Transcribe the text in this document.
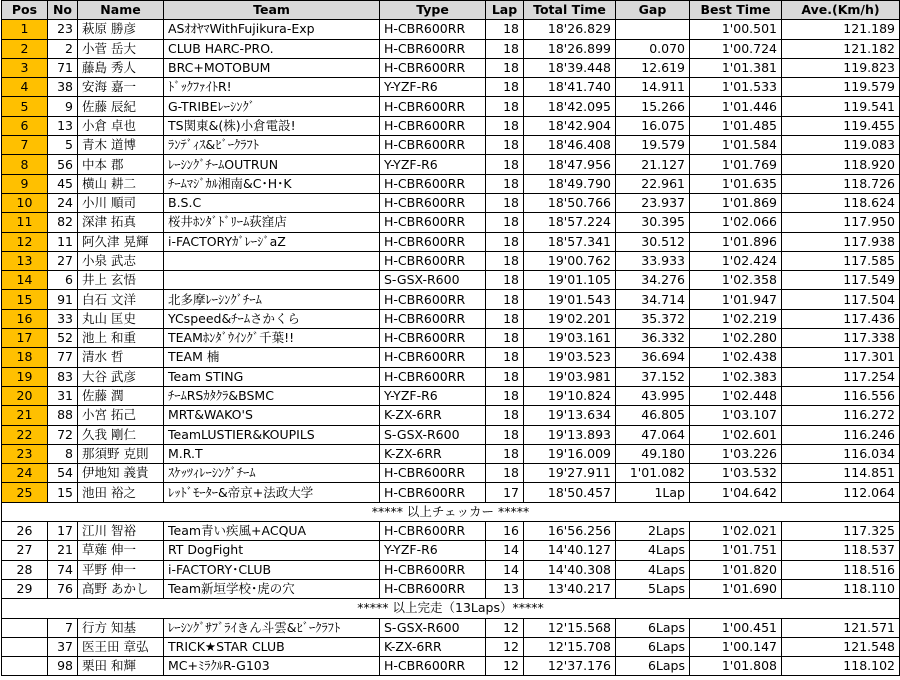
Pos	No	Name	Team	Type	Lap	Total Time	Gap	Best Time	Ave.(Km/h)
1	23	萩原 勝彦	ASｵｵﾔﾏWithFujikura-Exp	H-CBR600RR	18	18'26.829		1'00.501	121.189
2	2	小菅 岳大	CLUB HARC-PRO.	H-CBR600RR	18	18'26.899	0.070	1'00.724	121.182
3	71	藤島 秀人	BRC+MOTOBUM	H-CBR600RR	18	18'39.448	12.619	1'01.381	119.823
4	38	安海 嘉一	ﾄﾞｯｸﾌｧｲﾄR!	Y-YZF-R6	18	18'41.740	14.911	1'01.533	119.579
5	9	佐藤 辰紀	G-TRIBEﾚｰｼﾝｸﾞ	H-CBR600RR	18	18'42.095	15.266	1'01.446	119.541
6	13	小倉 卓也	TS関東&(株)小倉電設!	H-CBR600RR	18	18'42.904	16.075	1'01.485	119.455
7	5	青木 道博	ﾗﾝﾃﾞｨｽ&ﾋﾞｰｸﾗﾌﾄ	H-CBR600RR	18	18'46.408	19.579	1'01.584	119.083
8	56	中本 郡	ﾚｰｼﾝｸﾞﾁｰﾑOUTRUN	Y-YZF-R6	18	18'47.956	21.127	1'01.769	118.920
9	45	横山 耕二	ﾁｰﾑﾏｼﾞｶﾙ湘南&C･H･K	H-CBR600RR	18	18'49.790	22.961	1'01.635	118.726
10	24	小川 順司	B.S.C	H-CBR600RR	18	18'50.766	23.937	1'01.869	118.624
11	82	深津 拓真	桜井ﾎﾝﾀﾞﾄﾞﾘｰﾑ荻窪店	H-CBR600RR	18	18'57.224	30.395	1'02.066	117.950
12	11	阿久津 晃輝	i-FACTORYｶﾞﾚｰｼﾞaZ	H-CBR600RR	18	18'57.341	30.512	1'01.896	117.938
13	27	小泉 武志		H-CBR600RR	18	19'00.762	33.933	1'02.424	117.585
14	6	井上 玄悟		S-GSX-R600	18	19'01.105	34.276	1'02.358	117.549
15	91	白石 文洋	北多摩ﾚｰｼﾝｸﾞﾁｰﾑ	H-CBR600RR	18	19'01.543	34.714	1'01.947	117.504
16	33	丸山 匡史	YCspeed&ﾁｰﾑさかくら	H-CBR600RR	18	19'02.201	35.372	1'02.219	117.436
17	52	池上 和重	TEAMﾎﾝﾀﾞｳｲﾝｸﾞ千葉!!	H-CBR600RR	18	19'03.161	36.332	1'02.280	117.338
18	77	清水 哲	TEAM 楠	H-CBR600RR	18	19'03.523	36.694	1'02.438	117.301
19	83	大谷 武彦	Team STING	H-CBR600RR	18	19'03.981	37.152	1'02.383	117.254
20	31	佐藤 潤	ﾁｰﾑRSｶﾀｸﾗ&BSMC	Y-YZF-R6	18	19'10.824	43.995	1'02.448	116.556
21	88	小宮 拓己	MRT&WAKO'S	K-ZX-6RR	18	19'13.634	46.805	1'03.107	116.272
22	72	久我 剛仁	TeamLUSTIER&KOUPILS	S-GSX-R600	18	19'13.893	47.064	1'02.601	116.246
23	8	那須野 克則	M.R.T	K-ZX-6RR	18	19'16.009	49.180	1'03.226	116.034
24	54	伊地知 義貴	ｽｹｯﾂｨﾚｰｼﾝｸﾞﾁｰﾑ	H-CBR600RR	18	19'27.911	1'01.082	1'03.532	114.851
25	15	池田 裕之	ﾚｯﾄﾞﾓｰﾀｰ&帝京+法政大学	H-CBR600RR	17	18'50.457	1Lap	1'04.642	112.064
***** 以上チェッカー *****									
26	17	江川 智裕	Team青い疾風+ACQUA	H-CBR600RR	16	16'56.256	2Laps	1'02.021	117.325
27	21	草薙 伸一	RT DogFight	Y-YZF-R6	14	14'40.127	4Laps	1'01.751	118.537
28	74	平野 伸一	i-FACTORY･CLUB	H-CBR600RR	14	14'40.308	4Laps	1'01.820	118.516
29	76	高野 あかし	Team新垣学校･虎の穴	H-CBR600RR	13	13'40.217	5Laps	1'01.690	118.110
***** 以上完走（13Laps）*****									
	7	行方 知基	ﾚｰｼﾝｸﾞｻﾌﾞﾗｲきん斗雲&ﾋﾞｰｸﾗﾌﾄ	S-GSX-R600	12	12'15.568	6Laps	1'00.451	121.571
	37	医王田 章弘	TRICK★STAR CLUB	K-ZX-6RR	12	12'15.708	6Laps	1'00.147	121.548
	98	栗田 和輝	MC+ﾐﾗｸﾙR-G103	H-CBR600RR	12	12'37.176	6Laps	1'01.808	118.102
